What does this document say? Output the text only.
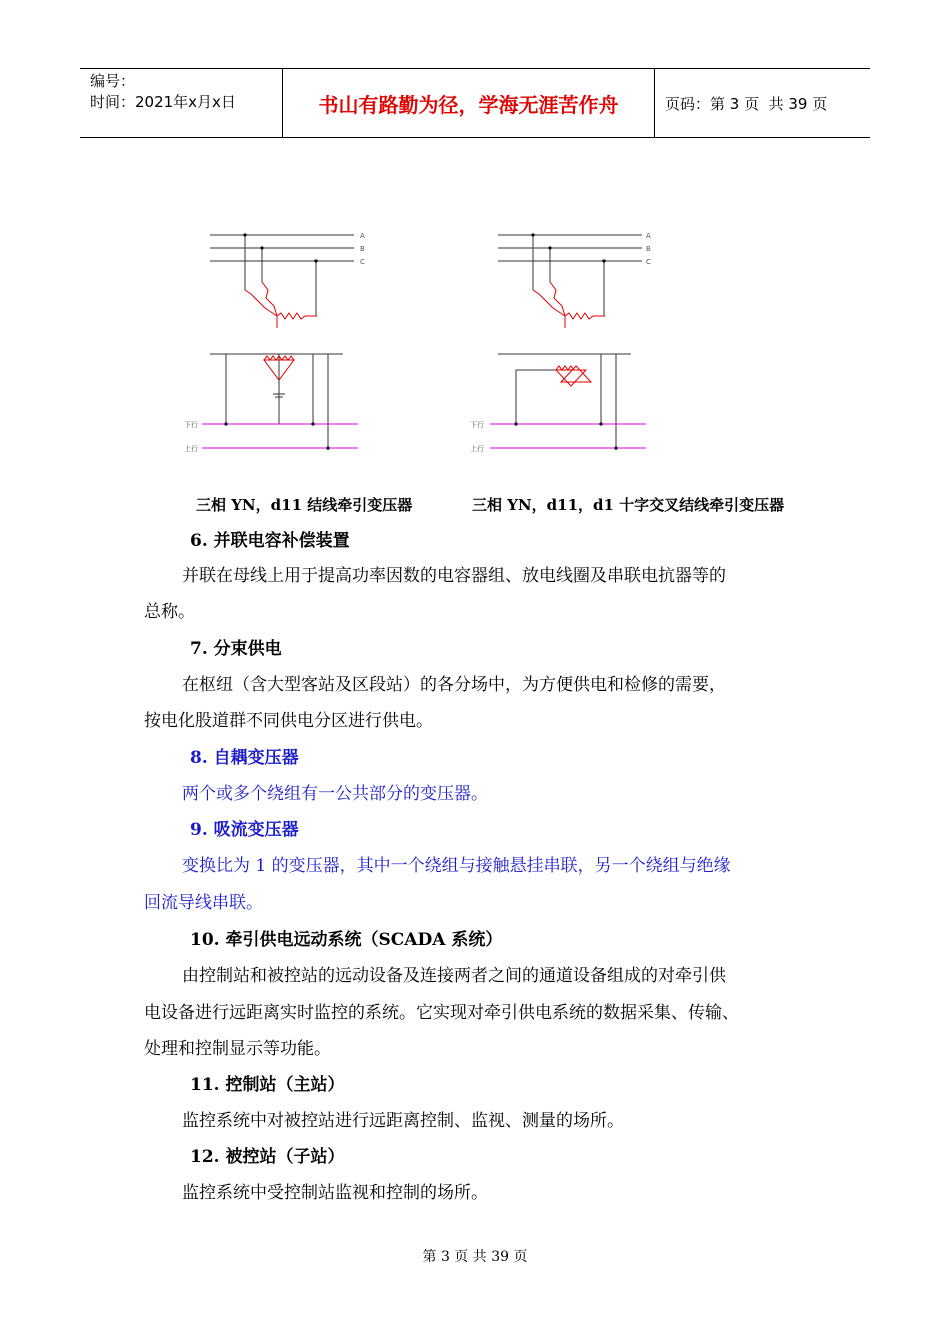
编号：
时间：2021年x月x日	书山有路勤为径，学海无涯苦作舟	页码：第 3 页  共 39 页
A
B
C
下行
上行
A
B
C
下行
上行
三相 YN，d11 结线牵引变压器	三相 YN，d11，d1 十字交叉结线牵引变压器
6. 并联电容补偿装置
并联在母线上用于提高功率因数的电容器组、放电线圈及串联电抗器等的
总称。
7. 分束供电
在枢纽（含大型客站及区段站）的各分场中，为方便供电和检修的需要，
按电化股道群不同供电分区进行供电。
8. 自耦变压器
两个或多个绕组有一公共部分的变压器。
9. 吸流变压器
变换比为 1 的变压器，其中一个绕组与接触悬挂串联，另一个绕组与绝缘
回流导线串联。
10. 牵引供电远动系统（SCADA 系统）
由控制站和被控站的远动设备及连接两者之间的通道设备组成的对牵引供
电设备进行远距离实时监控的系统。它实现对牵引供电系统的数据采集、传输、
处理和控制显示等功能。
11. 控制站（主站）
监控系统中对被控站进行远距离控制、监视、测量的场所。
12. 被控站（子站）
监控系统中受控制站监视和控制的场所。
第 3 页 共 39 页
